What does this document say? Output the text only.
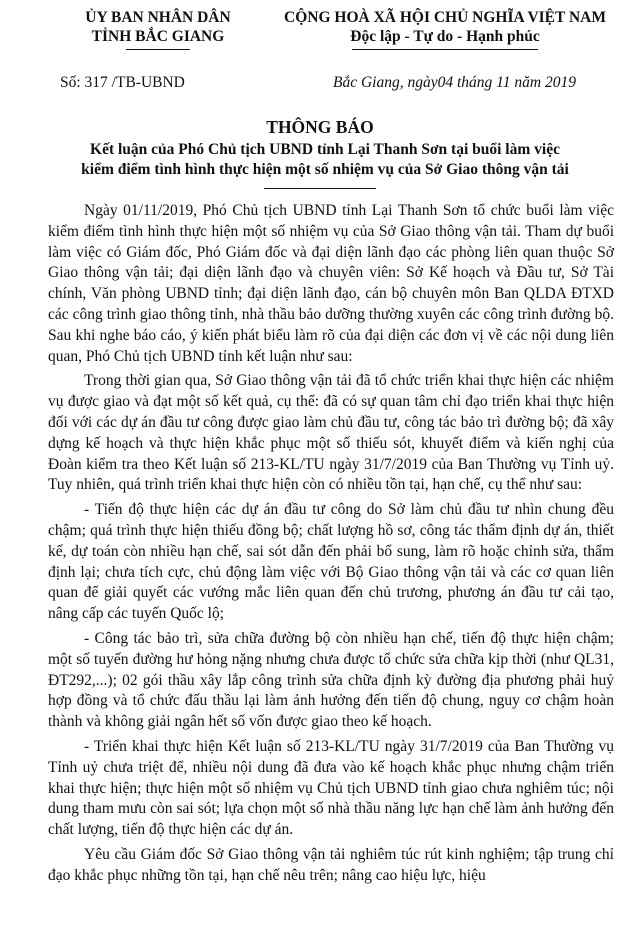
ỦY BAN NHÂN DÂN
TỈNH BẮC GIANG
CỘNG HOÀ XÃ HỘI CHỦ NGHĨA VIỆT NAM
Độc lập - Tự do - Hạnh phúc
Số: 317 /TB-UBND	Bắc Giang, ngày04 tháng 11 năm 2019
THÔNG BÁO
Kết luận của Phó Chủ tịch UBND tỉnh Lại Thanh Sơn tại buổi làm việc
kiểm điểm tình hình thực hiện một số nhiệm vụ của Sở Giao thông vận tải

Ngày 01/11/2019, Phó Chủ tịch UBND tỉnh Lại Thanh Sơn tổ chức buổi làm việc kiểm điểm tình hình thực hiện một số nhiệm vụ của Sở Giao thông vận tải. Tham dự buổi làm việc có Giám đốc, Phó Giám đốc và đại diện lãnh đạo các phòng liên quan thuộc Sở Giao thông vận tải; đại diện lãnh đạo và chuyên viên: Sở Kế hoạch và Đầu tư, Sở Tài chính, Văn phòng UBND tỉnh; đại diện lãnh đạo, cán bộ chuyên môn Ban QLDA ĐTXD các công trình giao thông tỉnh, nhà thầu bảo dưỡng thường xuyên các công trình đường bộ. Sau khi nghe báo cáo, ý kiến phát biểu làm rõ của đại diện các đơn vị về các nội dung liên quan, Phó Chủ tịch UBND tỉnh kết luận như sau:

Trong thời gian qua, Sở Giao thông vận tải đã tổ chức triển khai thực hiện các nhiệm vụ được giao và đạt một số kết quả, cụ thể: đã có sự quan tâm chỉ đạo triển khai thực hiện đối với các dự án đầu tư công được giao làm chủ đầu tư, công tác bảo trì đường bộ; đã xây dựng kế hoạch và thực hiện khắc phục một số thiếu sót, khuyết điểm và kiến nghị của Đoàn kiểm tra theo Kết luận số 213-KL/TU ngày 31/7/2019 của Ban Thường vụ Tỉnh uỷ. Tuy nhiên, quá trình triển khai thực hiện còn có nhiều tồn tại, hạn chế, cụ thể như sau:

- Tiến độ thực hiện các dự án đầu tư công do Sở làm chủ đầu tư nhìn chung đều chậm; quá trình thực hiện thiếu đồng bộ; chất lượng hồ sơ, công tác thẩm định dự án, thiết kế, dự toán còn nhiều hạn chế, sai sót dẫn đến phải bổ sung, làm rõ hoặc chỉnh sửa, thẩm định lại; chưa tích cực, chủ động làm việc với Bộ Giao thông vận tải và các cơ quan liên quan để giải quyết các vướng mắc liên quan đến chủ trương, phương án đầu tư cải tạo, nâng cấp các tuyến Quốc lộ;

- Công tác bảo trì, sửa chữa đường bộ còn nhiều hạn chế, tiến độ thực hiện chậm; một số tuyến đường hư hỏng nặng nhưng chưa được tổ chức sửa chữa kịp thời (như QL31, ĐT292,...); 02 gói thầu xây lắp công trình sửa chữa định kỳ đường địa phương phải huỷ hợp đồng và tổ chức đấu thầu lại làm ảnh hưởng đến tiến độ chung, nguy cơ chậm hoàn thành và không giải ngân hết số vốn được giao theo kế hoạch.

- Triển khai thực hiện Kết luận số 213-KL/TU ngày 31/7/2019 của Ban Thường vụ Tỉnh uỷ chưa triệt để, nhiều nội dung đã đưa vào kế hoạch khắc phục nhưng chậm triển khai thực hiện; thực hiện một số nhiệm vụ Chủ tịch UBND tỉnh giao chưa nghiêm túc; nội dung tham mưu còn sai sót; lựa chọn một số nhà thầu năng lực hạn chế làm ảnh hưởng đến chất lượng, tiến độ thực hiện các dự án.

Yêu cầu Giám đốc Sở Giao thông vận tải nghiêm túc rút kinh nghiệm; tập trung chỉ đạo khắc phục những tồn tại, hạn chế nêu trên; nâng cao hiệu lực, hiệu
